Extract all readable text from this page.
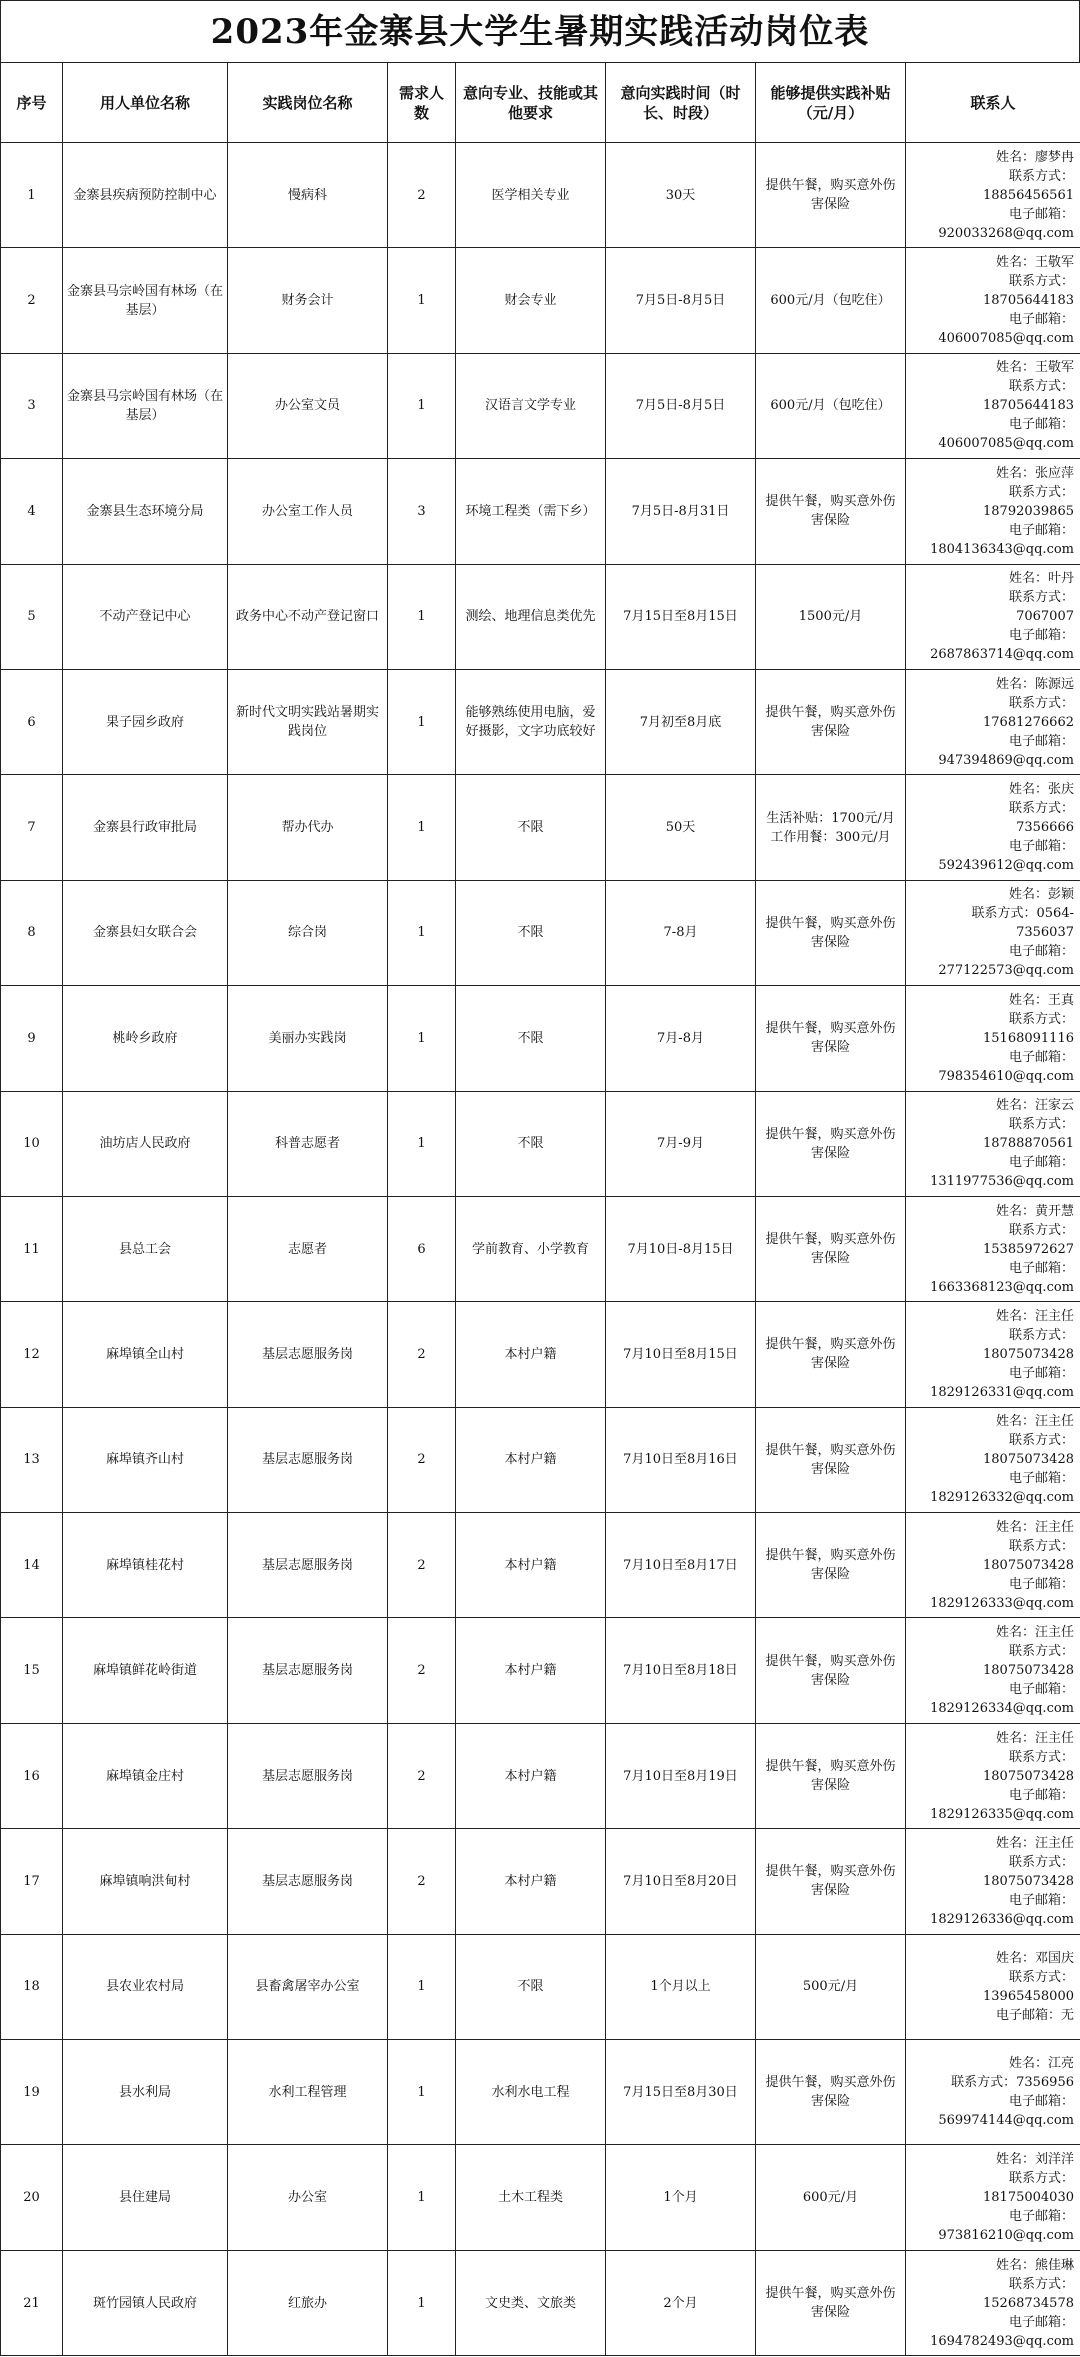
2023年金寨县大学生暑期实践活动岗位表
序号	用人单位名称	实践岗位名称	需求人数	意向专业、技能或其他要求	意向实践时间（时长、时段）	能够提供实践补贴（元/月）	联系人
1	金寨县疾病预防控制中心	慢病科	2	医学相关专业	30天	提供午餐，购买意外伤害保险	姓名：廖梦冉
联系方式：
18856456561
电子邮箱：
920033268@qq.com
2	金寨县马宗岭国有林场（在基层）	财务会计	1	财会专业	7月5日-8月5日	600元/月（包吃住）	姓名：王敬军
联系方式：
18705644183
电子邮箱：
406007085@qq.com
3	金寨县马宗岭国有林场（在基层）	办公室文员	1	汉语言文学专业	7月5日-8月5日	600元/月（包吃住）	姓名：王敬军
联系方式：
18705644183
电子邮箱：
406007085@qq.com
4	金寨县生态环境分局	办公室工作人员	3	环境工程类（需下乡）	7月5日-8月31日	提供午餐，购买意外伤害保险	姓名：张应萍
联系方式：
18792039865
电子邮箱：
1804136343@qq.com
5	不动产登记中心	政务中心不动产登记窗口	1	测绘、地理信息类优先	7月15日至8月15日	1500元/月	姓名：叶丹
联系方式：
7067007
电子邮箱：
2687863714@qq.com
6	果子园乡政府	新时代文明实践站暑期实践岗位	1	能够熟练使用电脑，爱好摄影，文字功底较好	7月初至8月底	提供午餐，购买意外伤害保险	姓名：陈源远
联系方式：
17681276662
电子邮箱：
947394869@qq.com
7	金寨县行政审批局	帮办代办	1	不限	50天	生活补贴：1700元/月工作用餐：300元/月	姓名：张庆
联系方式：
7356666
电子邮箱：
592439612@qq.com
8	金寨县妇女联合会	综合岗	1	不限	7-8月	提供午餐，购买意外伤害保险	姓名：彭颖
联系方式：0564-
7356037
电子邮箱：
277122573@qq.com
9	桃岭乡政府	美丽办实践岗	1	不限	7月-8月	提供午餐，购买意外伤害保险	姓名：王真
联系方式：
15168091116
电子邮箱：
798354610@qq.com
10	油坊店人民政府	科普志愿者	1	不限	7月-9月	提供午餐，购买意外伤害保险	姓名：汪家云
联系方式：
18788870561
电子邮箱：
1311977536@qq.com
11	县总工会	志愿者	6	学前教育、小学教育	7月10日-8月15日	提供午餐，购买意外伤害保险	姓名：黄开慧
联系方式：
15385972627
电子邮箱：
1663368123@qq.com
12	麻埠镇全山村	基层志愿服务岗	2	本村户籍	7月10日至8月15日	提供午餐，购买意外伤害保险	姓名：汪主任
联系方式：
18075073428
电子邮箱：
1829126331@qq.com
13	麻埠镇齐山村	基层志愿服务岗	2	本村户籍	7月10日至8月16日	提供午餐，购买意外伤害保险	姓名：汪主任
联系方式：
18075073428
电子邮箱：
1829126332@qq.com
14	麻埠镇桂花村	基层志愿服务岗	2	本村户籍	7月10日至8月17日	提供午餐，购买意外伤害保险	姓名：汪主任
联系方式：
18075073428
电子邮箱：
1829126333@qq.com
15	麻埠镇鲜花岭街道	基层志愿服务岗	2	本村户籍	7月10日至8月18日	提供午餐，购买意外伤害保险	姓名：汪主任
联系方式：
18075073428
电子邮箱：
1829126334@qq.com
16	麻埠镇金庄村	基层志愿服务岗	2	本村户籍	7月10日至8月19日	提供午餐，购买意外伤害保险	姓名：汪主任
联系方式：
18075073428
电子邮箱：
1829126335@qq.com
17	麻埠镇响洪甸村	基层志愿服务岗	2	本村户籍	7月10日至8月20日	提供午餐，购买意外伤害保险	姓名：汪主任
联系方式：
18075073428
电子邮箱：
1829126336@qq.com
18	县农业农村局	县畜禽屠宰办公室	1	不限	1个月以上	500元/月	姓名：邓国庆
联系方式：
13965458000
电子邮箱：无
19	县水利局	水利工程管理	1	水利水电工程	7月15日至8月30日	提供午餐，购买意外伤害保险	姓名：江亮
联系方式：7356956
电子邮箱：
569974144@qq.com
20	县住建局	办公室	1	土木工程类	1个月	600元/月	姓名：刘洋洋
联系方式：
18175004030
电子邮箱：
973816210@qq.com
21	斑竹园镇人民政府	红旅办	1	文史类、文旅类	2个月	提供午餐，购买意外伤害保险	姓名：熊佳琳
联系方式：
15268734578
电子邮箱：
1694782493@qq.com
